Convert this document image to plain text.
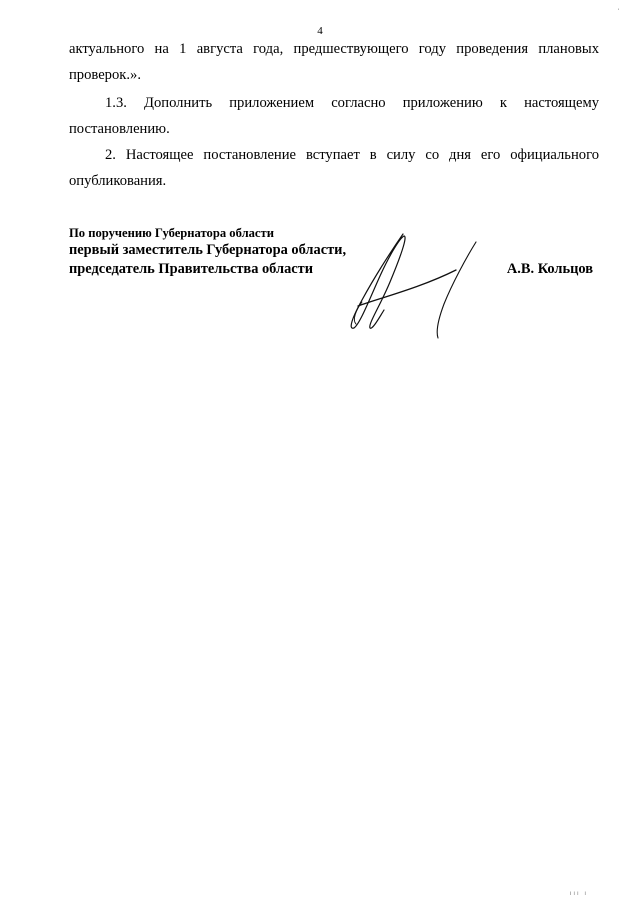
4
ˌ

актуального на 1 августа года, предшествующего году проведения плановых
проверок.».

1.3. Дополнить приложением согласно приложению к настоящему
постановлению.

2. Настоящее постановление вступает в силу со дня его официального
опубликования.

По поручению Губернатора области
первый заместитель Губернатора области,
председатель Правительства области	А.В. Кольцов
ııı ı
